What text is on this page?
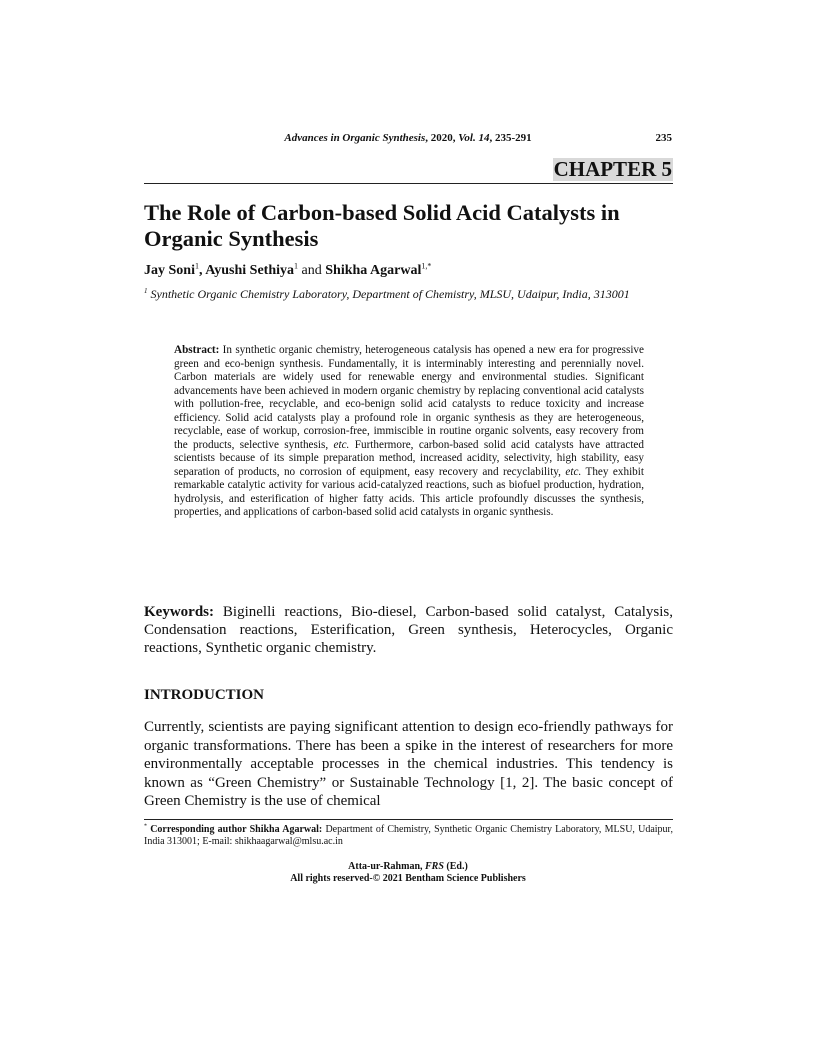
Advances in Organic Synthesis, 2020, Vol. 14, 235-291	235
CHAPTER 5
The Role of Carbon-based Solid Acid Catalysts in Organic Synthesis
Jay Soni$^1$, Ayushi Sethiya$^1$ and Shikha Agarwal$^{1,*}$
$^1$ Synthetic Organic Chemistry Laboratory, Department of Chemistry, MLSU, Udaipur, India, 313001
Abstract: In synthetic organic chemistry, heterogeneous catalysis has opened a new era for progressive green and eco-benign synthesis. Fundamentally, it is interminably interesting and perennially novel. Carbon materials are widely used for renewable energy and environmental studies. Significant advancements have been achieved in modern organic chemistry by replacing conventional acid catalysts with pollution-free, recyclable, and eco-benign solid acid catalysts to reduce toxicity and increase efficiency. Solid acid catalysts play a profound role in organic synthesis as they are heterogeneous, recyclable, ease of workup, corrosion-free, immiscible in routine organic solvents, easy recovery from the products, selective synthesis, etc. Furthermore, carbon-based solid acid catalysts have attracted scientists because of its simple preparation method, increased acidity, selectivity, high stability, easy separation of products, no corrosion of equipment, easy recovery and recyclability, etc. They exhibit remarkable catalytic activity for various acid-catalyzed reactions, such as biofuel production, hydration, hydrolysis, and esterification of higher fatty acids. This article profoundly discusses the synthesis, properties, and applications of carbon-based solid acid catalysts in organic synthesis.
Keywords: Biginelli reactions, Bio-diesel, Carbon-based solid catalyst, Catalysis, Condensation reactions, Esterification, Green synthesis, Heterocycles, Organic reactions, Synthetic organic chemistry.
INTRODUCTION
Currently, scientists are paying significant attention to design eco-friendly pathways for organic transformations. There has been a spike in the interest of researchers for more environmentally acceptable processes in the chemical industries. This tendency is known as “Green Chemistry” or Sustainable Technology [1, 2]. The basic concept of Green Chemistry is the use of chemical
* Corresponding author Shikha Agarwal: Department of Chemistry, Synthetic Organic Chemistry Laboratory, MLSU, Udaipur, India 313001; E-mail: shikhaagarwal@mlsu.ac.in
Atta-ur-Rahman, FRS (Ed.)
All rights reserved-© 2021 Bentham Science Publishers
